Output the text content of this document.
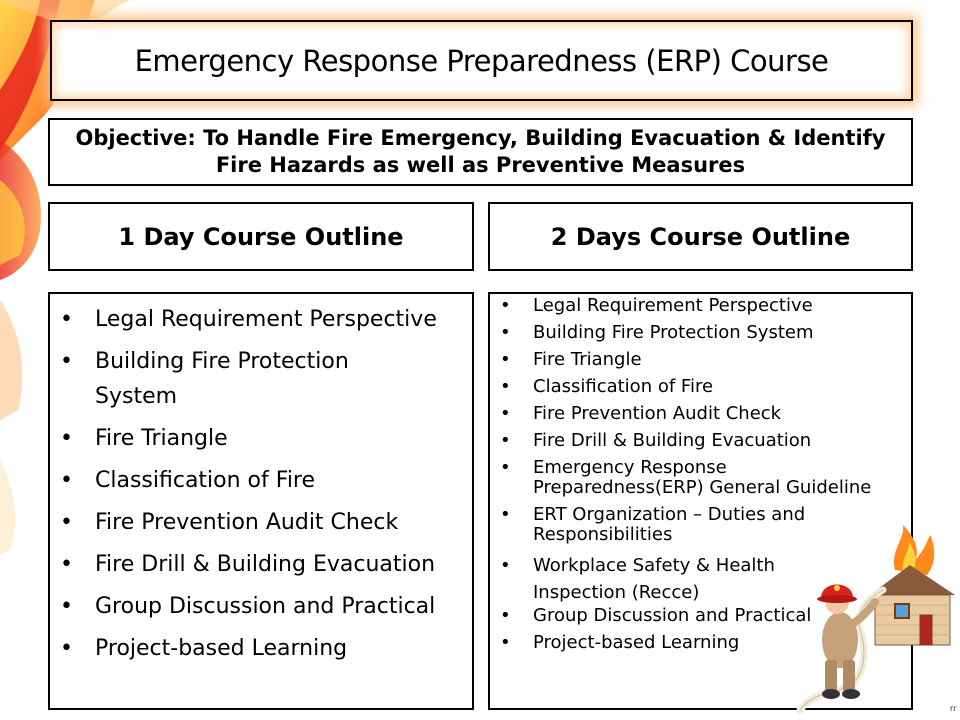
Emergency Response Preparedness (ERP) Course
Objective: To Handle Fire Emergency, Building Evacuation & Identify Fire Hazards as well as Preventive Measures
1 Day Course Outline	2 Days Course Outline
• Legal Requirement Perspective
• Building Fire Protection System
• Fire Triangle
• Classification of Fire
• Fire Prevention Audit Check
• Fire Drill & Building Evacuation
• Group Discussion and Practical
• Project-based Learning
• Legal Requirement Perspective
• Building Fire Protection System
• Fire Triangle
• Classification of Fire
• Fire Prevention Audit Check
• Fire Drill & Building Evacuation
• Emergency Response Preparedness(ERP) General Guideline
• ERT Organization – Duties and Responsibilities
• Workplace Safety & Health Inspection (Recce)
• Group Discussion and Practical
• Project-based Learning
rr
